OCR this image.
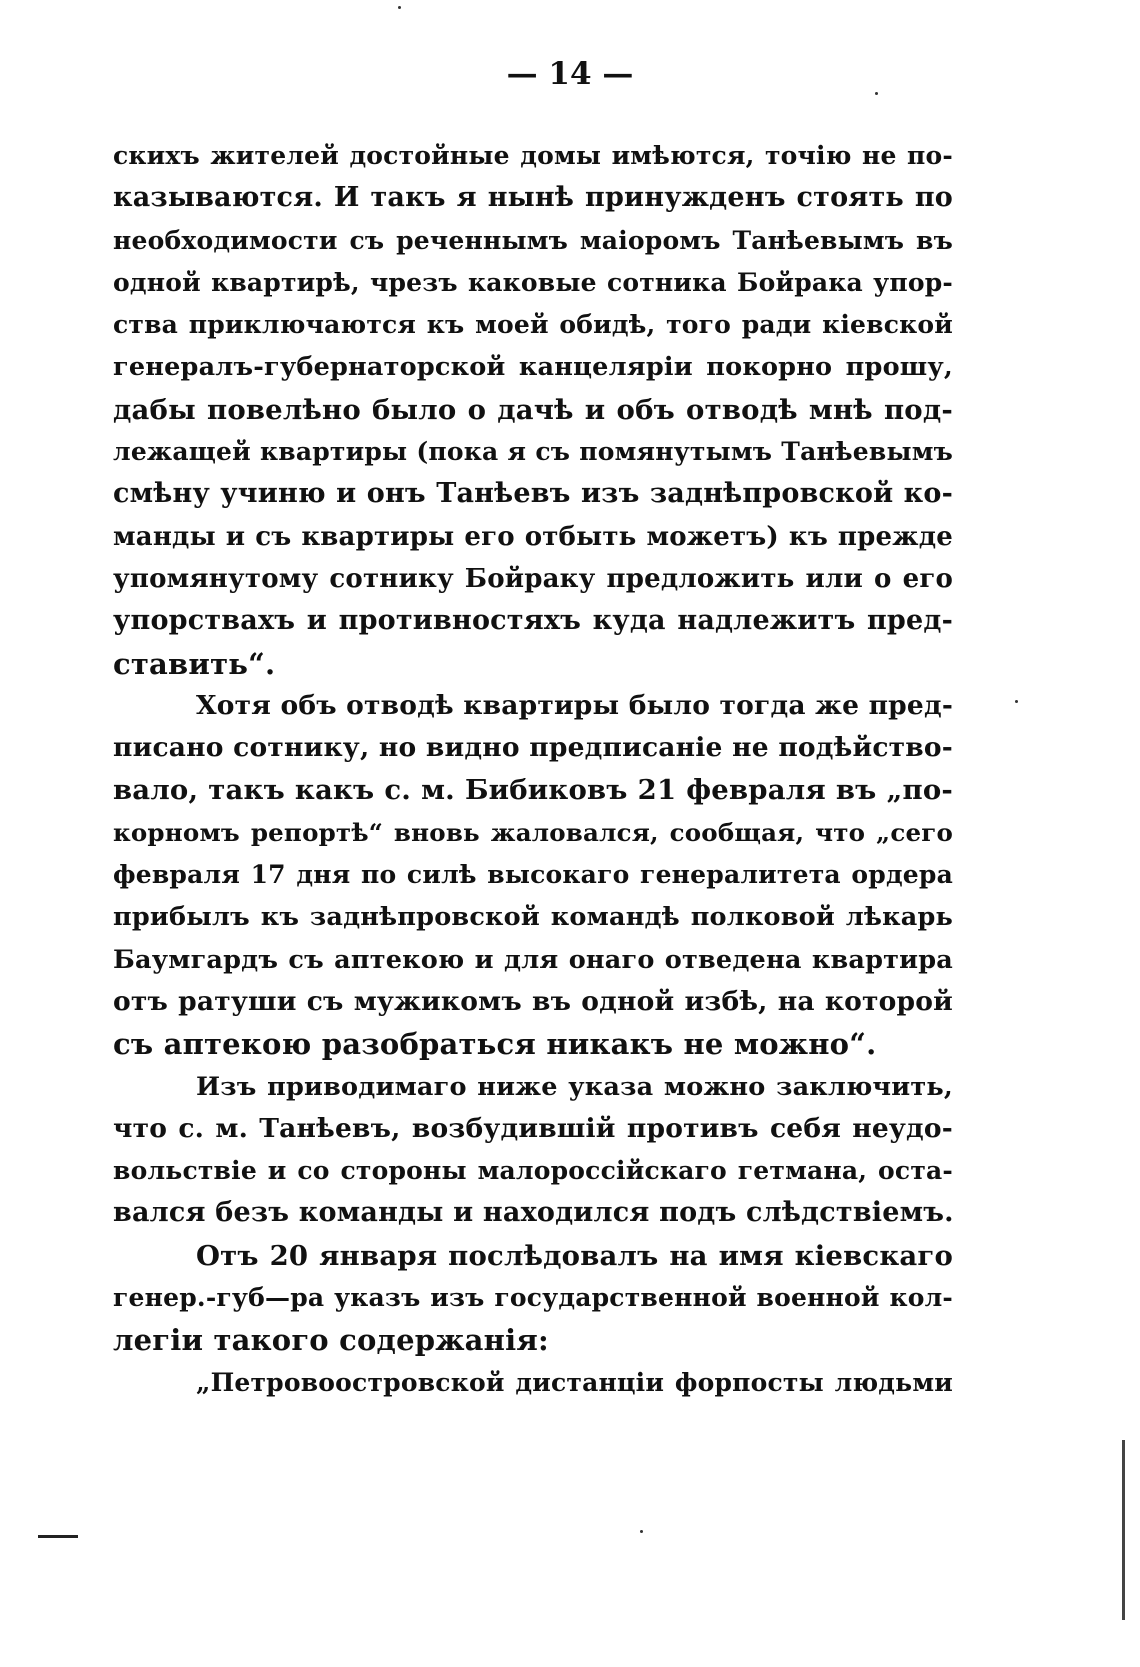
— 14 —
скихъ жителей достойные домы имѣются, точію не по-
казываются. И такъ я нынѣ принужденъ стоять по
необходимости съ реченнымъ маіоромъ Танѣевымъ въ
одной квартирѣ, чрезъ каковые сотника Бойрака упор-
ства приключаются къ моей обидѣ, того ради кіевской
генералъ-губернаторской канцеляріи покорно прошу,
дабы повелѣно было о дачѣ и объ отводѣ мнѣ под-
лежащей квартиры (пока я съ помянутымъ Танѣевымъ
смѣну учиню и онъ Танѣевъ изъ заднѣпровской ко-
манды и съ квартиры его отбыть можетъ) къ прежде
упомянутому сотнику Бойраку предложить или о его
упорствахъ и противностяхъ куда надлежитъ пред-
ставить“.
Хотя объ отводѣ квартиры было тогда же пред-
писано сотнику, но видно предписаніе не подѣйство-
вало, такъ какъ с. м. Бибиковъ 21 февраля въ „по-
корномъ репортѣ“ вновь жаловался, сообщая, что „сего
февраля 17 дня по силѣ высокаго генералитета ордера
прибылъ къ заднѣпровской командѣ полковой лѣкарь
Баумгардъ съ аптекою и для онаго отведена квартира
отъ ратуши съ мужикомъ въ одной избѣ, на которой
съ аптекою разобраться никакъ не можно“.
Изъ приводимаго ниже указа можно заключить,
что с. м. Танѣевъ, возбудившій противъ себя неудо-
вольствіе и со стороны малороссійскаго гетмана, оста-
вался безъ команды и находился подъ слѣдствіемъ.
Отъ 20 января послѣдовалъ на имя кіевскаго
генер.-губ—ра указъ изъ государственной военной кол-
легіи такого содержанія:
„Петровоостровской дистанціи форпосты людьми
